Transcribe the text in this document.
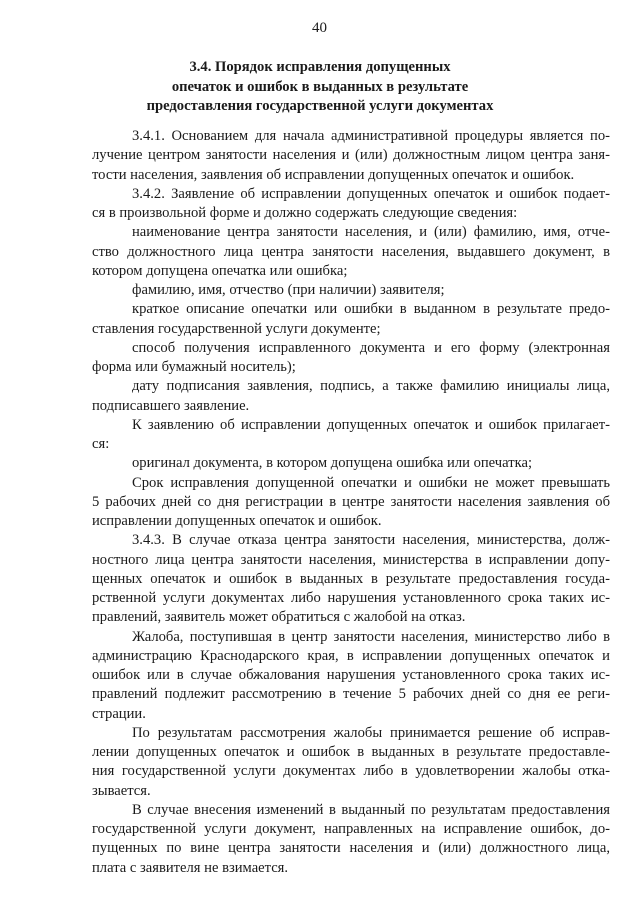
40
3.4. Порядок исправления допущенных
опечаток и ошибок в выданных в результате
предоставления государственной услуги документах
3.4.1. Основанием для начала административной процедуры является по-
лучение центром занятости населения и (или) должностным лицом центра заня-
тости населения, заявления об исправлении допущенных опечаток и ошибок.
3.4.2. Заявление об исправлении допущенных опечаток и ошибок подает-
ся в произвольной форме и должно содержать следующие сведения:
наименование центра занятости населения, и (или) фамилию, имя, отче-
ство должностного лица центра занятости населения, выдавшего документ, в
котором допущена опечатка или ошибка;
фамилию, имя, отчество (при наличии) заявителя;
краткое описание опечатки или ошибки в выданном в результате предо-
ставления государственной услуги документе;
способ получения исправленного документа и его форму (электронная
форма или бумажный носитель);
дату подписания заявления, подпись, а также фамилию инициалы лица,
подписавшего заявление.
К заявлению об исправлении допущенных опечаток и ошибок прилагает-
ся:
оригинал документа, в котором допущена ошибка или опечатка;
Срок исправления допущенной опечатки и ошибки не может превышать
5 рабочих дней со дня регистрации в центре занятости населения заявления об
исправлении допущенных опечаток и ошибок.
3.4.3. В случае отказа центра занятости населения, министерства, долж-
ностного лица центра занятости населения, министерства в исправлении допу-
щенных опечаток и ошибок в выданных в результате предоставления госуда-
рственной услуги документах либо нарушения установленного срока таких ис-
правлений, заявитель может обратиться с жалобой на отказ.
Жалоба, поступившая в центр занятости населения, министерство либо в
администрацию Краснодарского края, в исправлении допущенных опечаток и
ошибок или в случае обжалования нарушения установленного срока таких ис-
правлений подлежит рассмотрению в течение 5 рабочих дней со дня ее реги-
страции.
По результатам рассмотрения жалобы принимается решение об исправ-
лении допущенных опечаток и ошибок в выданных в результате предоставле-
ния государственной услуги документах либо в удовлетворении жалобы отка-
зывается.
В случае внесения изменений в выданный по результатам предоставления
государственной услуги документ, направленных на исправление ошибок, до-
пущенных по вине центра занятости населения и (или) должностного лица,
плата с заявителя не взимается.
